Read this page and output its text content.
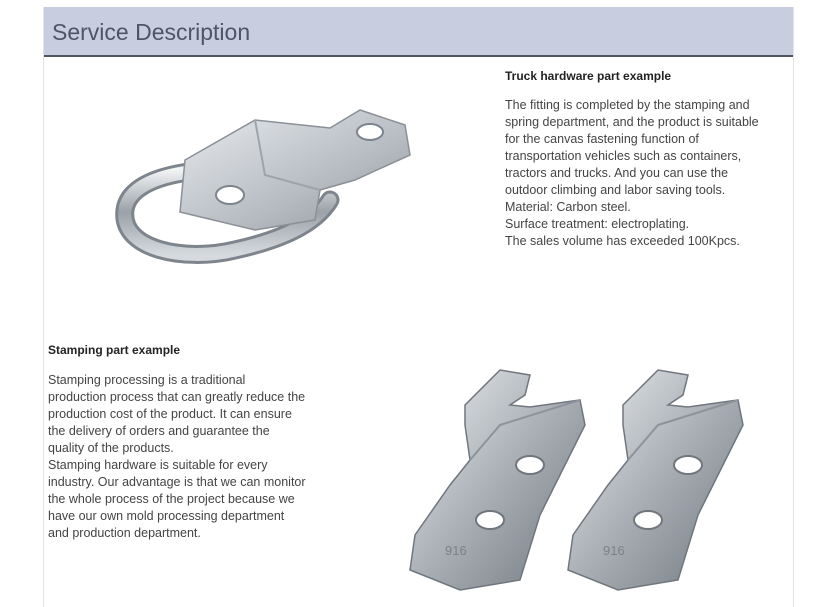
Service Description
Truck hardware part example
The fitting is completed by the stamping and
spring department, and the product is suitable
for the canvas fastening function of
transportation vehicles such as containers,
tractors and trucks. And you can use the
outdoor climbing and labor saving tools.
Material: Carbon steel.
Surface treatment: electroplating.
The sales volume has exceeded 100Kpcs.
Stamping part example
Stamping processing is a traditional
production process that can greatly reduce the
production cost of the product. It can ensure
the delivery of orders and guarantee the
quality of the products.
Stamping hardware is suitable for every
industry. Our advantage is that we can monitor
the whole process of the project because we
have our own mold processing department
and production department.
916	916
